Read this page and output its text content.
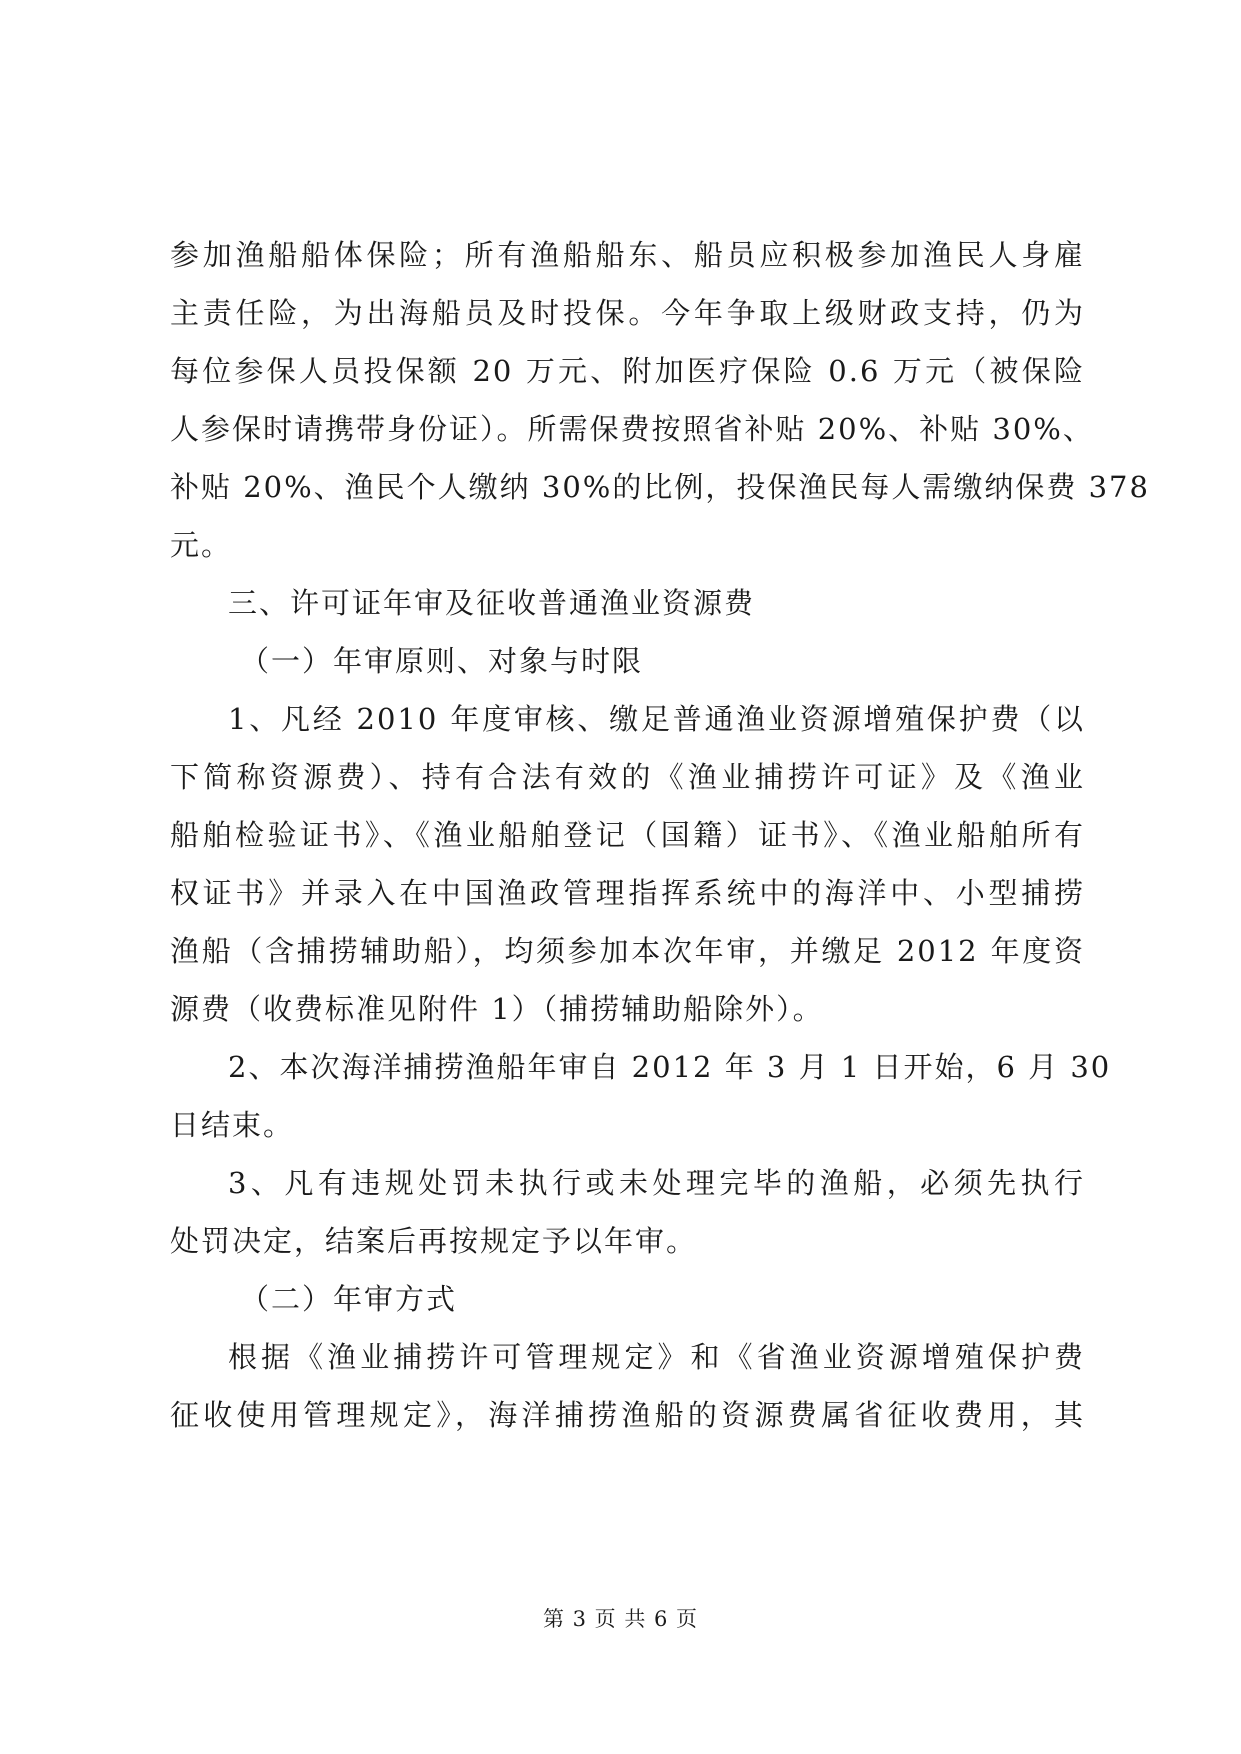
参加渔船船体保险；所有渔船船东、船员应积极参加渔民人身雇
主责任险，为出海船员及时投保。今年争取上级财政支持，仍为
每位参保人员投保额 20 万元、附加医疗保险 0.6 万元（被保险
人参保时请携带身份证）。所需保费按照省补贴 20%、补贴 30%、
补贴 20%、渔民个人缴纳 30%的比例，投保渔民每人需缴纳保费 378
元。
三、许可证年审及征收普通渔业资源费
（一）年审原则、对象与时限
1、凡经 2010 年度审核、缴足普通渔业资源增殖保护费（以
下简称资源费）、持有合法有效的《渔业捕捞许可证》及《渔业
船舶检验证书》、《渔业船舶登记（国籍）证书》、《渔业船舶所有
权证书》并录入在中国渔政管理指挥系统中的海洋中、小型捕捞
渔船（含捕捞辅助船），均须参加本次年审，并缴足 2012 年度资
源费（收费标准见附件 1）（捕捞辅助船除外）。
2、本次海洋捕捞渔船年审自 2012 年 3 月 1 日开始，6 月 30
日结束。
3、凡有违规处罚未执行或未处理完毕的渔船，必须先执行
处罚决定，结案后再按规定予以年审。
（二）年审方式
根据《渔业捕捞许可管理规定》和《省渔业资源增殖保护费
征收使用管理规定》，海洋捕捞渔船的资源费属省征收费用，其
第 3 页 共 6 页
